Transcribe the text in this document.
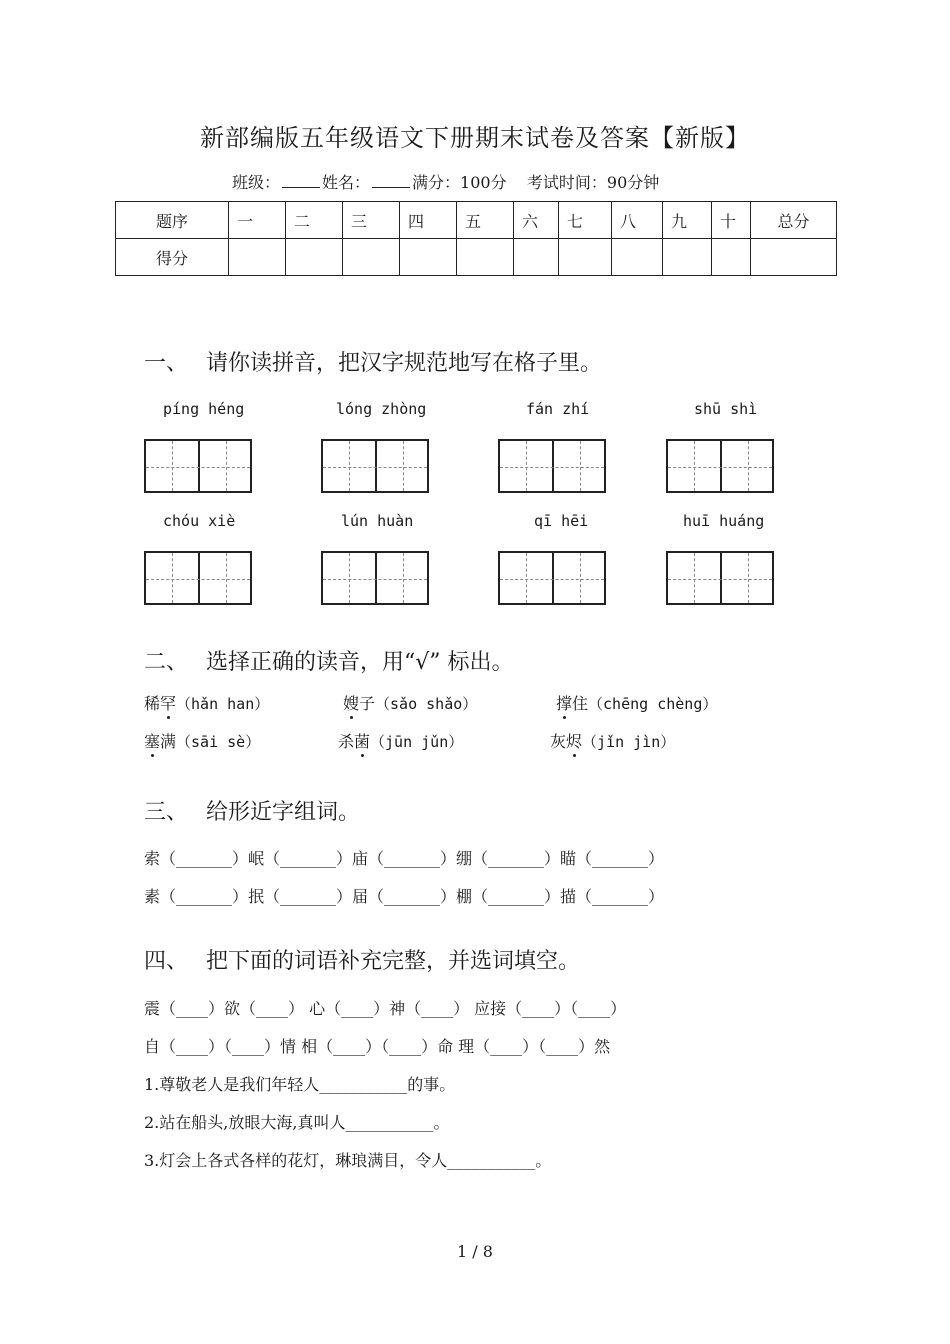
新部编版五年级语文下册期末试卷及答案【新版】
班级：	姓名：	满分：100分 考试时间：90分钟
题序	一	二	三	四	五	六	七	八	九	十	总分
得分											
一、 请你读拼音，把汉字规范地写在格子里。
píng héng	lóng zhòng	fán zhí	shū shì
chóu xiè	lún huàn	qī hēi	huī huáng
二、 选择正确的读音，用“√” 标出。
稀罕（hǎn han）	嫂子（sǎo shǎo）	撑住（chēng chèng）
塞满（sāi sè）	杀菌（jūn jǔn）	灰烬（jǐn jìn）
三、 给形近字组词。
索（_______）岷（_______）庙（_______）绷（_______）瞄（_______）
素（_______）抿（_______）届（_______）棚（_______）描（_______）
四、 把下面的词语补充完整，并选词填空。
震（____）欲（____） 心（____）神（____） 应接（____）（____）
自（____）（____）情 相（____）（____）命 理（____）（____）然
1.尊敬老人是我们年轻人___________的事。
2.站在船头,放眼大海,真叫人___________。
3.灯会上各式各样的花灯，琳琅满目，令人___________。
1 / 8
